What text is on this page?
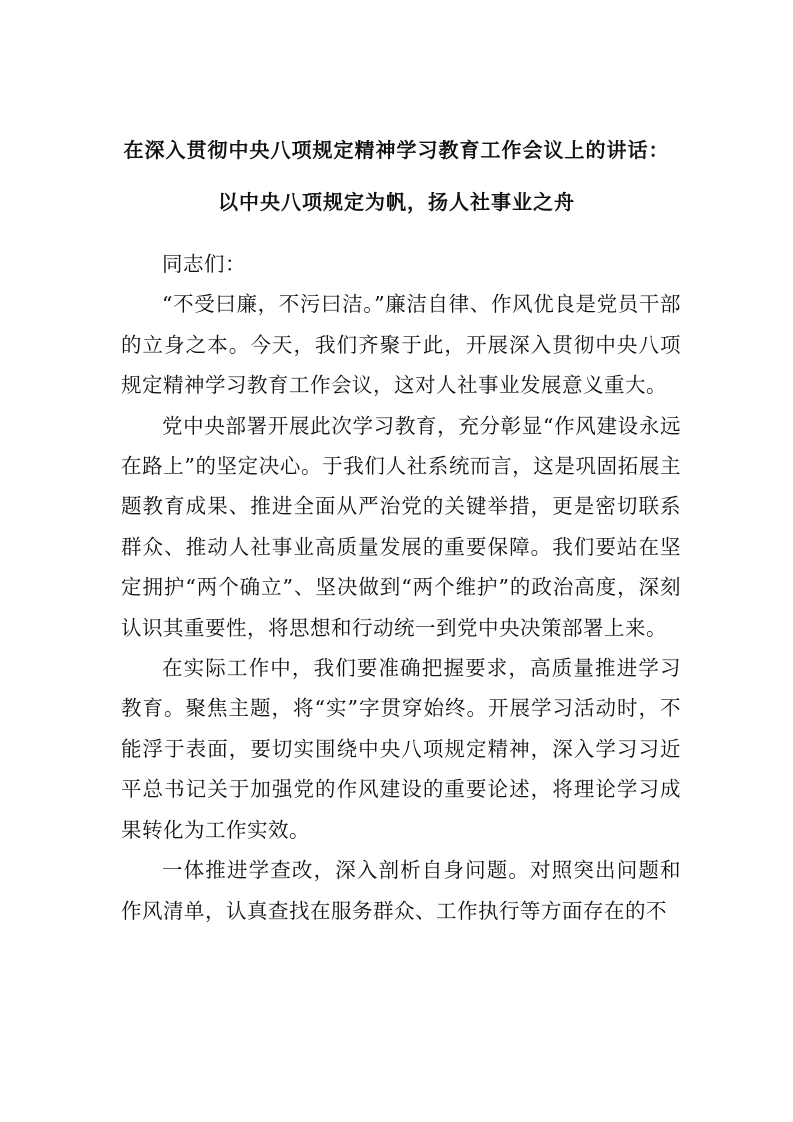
在深入贯彻中央八项规定精神学习教育工作会议上的讲话：
以中央八项规定为帆，扬人社事业之舟

同志们：

“不受曰廉，不污曰洁。”廉洁自律、作风优良是党员干部的立身之本。今天，我们齐聚于此，开展深入贯彻中央八项规定精神学习教育工作会议，这对人社事业发展意义重大。

党中央部署开展此次学习教育，充分彰显“作风建设永远在路上”的坚定决心。于我们人社系统而言，这是巩固拓展主题教育成果、推进全面从严治党的关键举措，更是密切联系群众、推动人社事业高质量发展的重要保障。我们要站在坚定拥护“两个确立”、坚决做到“两个维护”的政治高度，深刻认识其重要性，将思想和行动统一到党中央决策部署上来。

在实际工作中，我们要准确把握要求，高质量推进学习教育。聚焦主题，将“实”字贯穿始终。开展学习活动时，不能浮于表面，要切实围绕中央八项规定精神，深入学习习近平总书记关于加强党的作风建设的重要论述，将理论学习成果转化为工作实效。

一体推进学查改，深入剖析自身问题。对照突出问题和作风清单，认真查找在服务群众、工作执行等方面存在的不
